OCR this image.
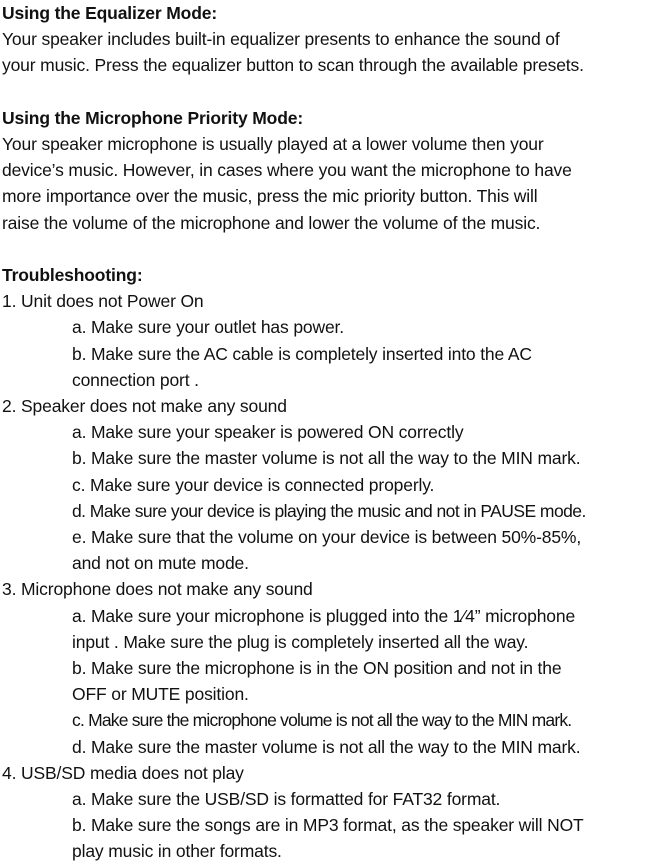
Using the Equalizer Mode:
Your speaker includes built-in equalizer presents to enhance the sound of
your music. Press the equalizer button to scan through the available presets.
Using the Microphone Priority Mode:
Your speaker microphone is usually played at a lower volume then your
device’s music. However, in cases where you want the microphone to have
more importance over the music, press the mic priority button. This will
raise the volume of the microphone and lower the volume of the music.
Troubleshooting:
1. Unit does not Power On
a. Make sure your outlet has power.
b. Make sure the AC cable is completely inserted into the AC
connection port .
2. Speaker does not make any sound
a. Make sure your speaker is powered ON correctly
b. Make sure the master volume is not all the way to the MIN mark.
c. Make sure your device is connected properly.
d. Make sure your device is playing the music and not in PAUSE mode.
e. Make sure that the volume on your device is between 50%-85%,
and not on mute mode.
3. Microphone does not make any sound
a. Make sure your microphone is plugged into the 1⁄4” microphone
input . Make sure the plug is completely inserted all the way.
b. Make sure the microphone is in the ON position and not in the
OFF or MUTE position.
c. Make sure the microphone volume is not all the way to the MIN mark.
d. Make sure the master volume is not all the way to the MIN mark.
4. USB/SD media does not play
a. Make sure the USB/SD is formatted for FAT32 format.
b. Make sure the songs are in MP3 format, as the speaker will NOT
play music in other formats.
